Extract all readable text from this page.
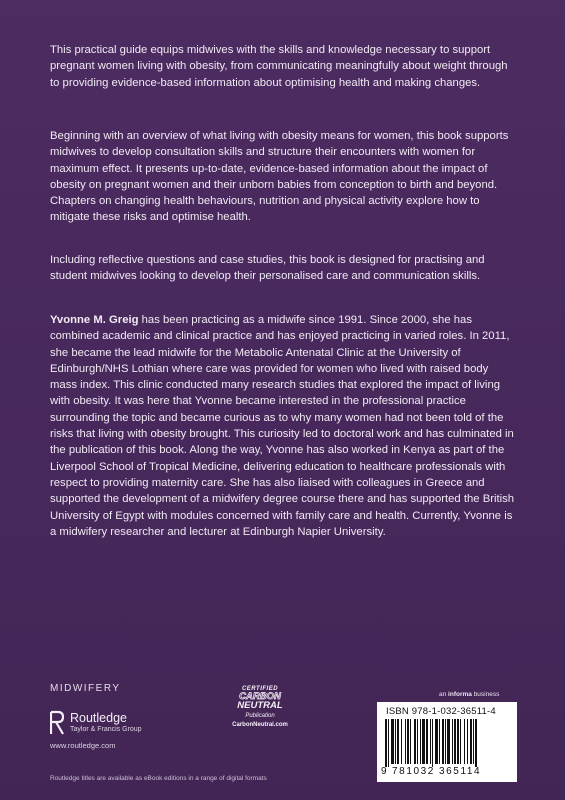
This practical guide equips midwives with the skills and knowledge necessary to support pregnant women living with obesity, from communicating meaningfully about weight through to providing evidence-based information about optimising health and making changes.

Beginning with an overview of what living with obesity means for women, this book supports midwives to develop consultation skills and structure their encounters with women for maximum effect. It presents up-to-date, evidence-based information about the impact of obesity on pregnant women and their unborn babies from conception to birth and beyond. Chapters on changing health behaviours, nutrition and physical activity explore how to mitigate these risks and optimise health.

Including reflective questions and case studies, this book is designed for practising and student midwives looking to develop their personalised care and communication skills.

Yvonne M. Greig has been practicing as a midwife since 1991. Since 2000, she has combined academic and clinical practice and has enjoyed practicing in varied roles. In 2011, she became the lead midwife for the Metabolic Antenatal Clinic at the University of Edinburgh/NHS Lothian where care was provided for women who lived with raised body mass index. This clinic conducted many research studies that explored the impact of living with obesity. It was here that Yvonne became interested in the professional practice surrounding the topic and became curious as to why many women had not been told of the risks that living with obesity brought. This curiosity led to doctoral work and has culminated in the publication of this book. Along the way, Yvonne has also worked in Kenya as part of the Liverpool School of Tropical Medicine, delivering education to healthcare professionals with respect to providing maternity care. She has also liaised with colleagues in Greece and supported the development of a midwifery degree course there and has supported the British University of Egypt with modules concerned with family care and health. Currently, Yvonne is a midwifery researcher and lecturer at Edinburgh Napier University.

MIDWIFERY
Routledge
Taylor & Francis Group
www.routledge.com
Routledge titles are available as eBook editions in a range of digital formats
CERTIFIED
CARBON
NEUTRAL
Publication
CarbonNeutral.com
an informa business
ISBN 978-1-032-36511-4
9 781032 365114
